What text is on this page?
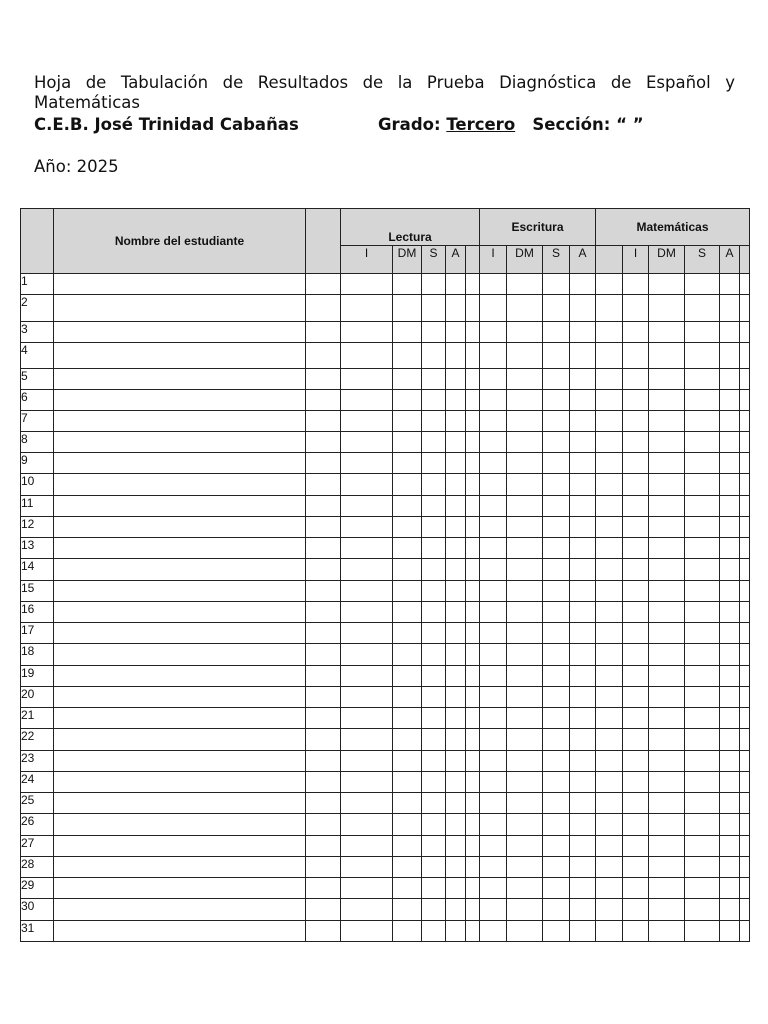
Hoja de Tabulación de Resultados de la Prueba Diagnóstica de Español y Matemáticas
C.E.B. José Trinidad Cabañas	Grado: Tercero Sección: “ ”
Año: 2025
	Nombre del estudiante		Lectura					Escritura				Matemáticas					
			I	DM	S	A		I	DM	S	A		I	DM	S	A	
1																	
2																	
3																	
4																	
5																	
6																	
7																	
8																	
9																	
10																	
11																	
12																	
13																	
14																	
15																	
16																	
17																	
18																	
19																	
20																	
21																	
22																	
23																	
24																	
25																	
26																	
27																	
28																	
29																	
30																	
31																	
